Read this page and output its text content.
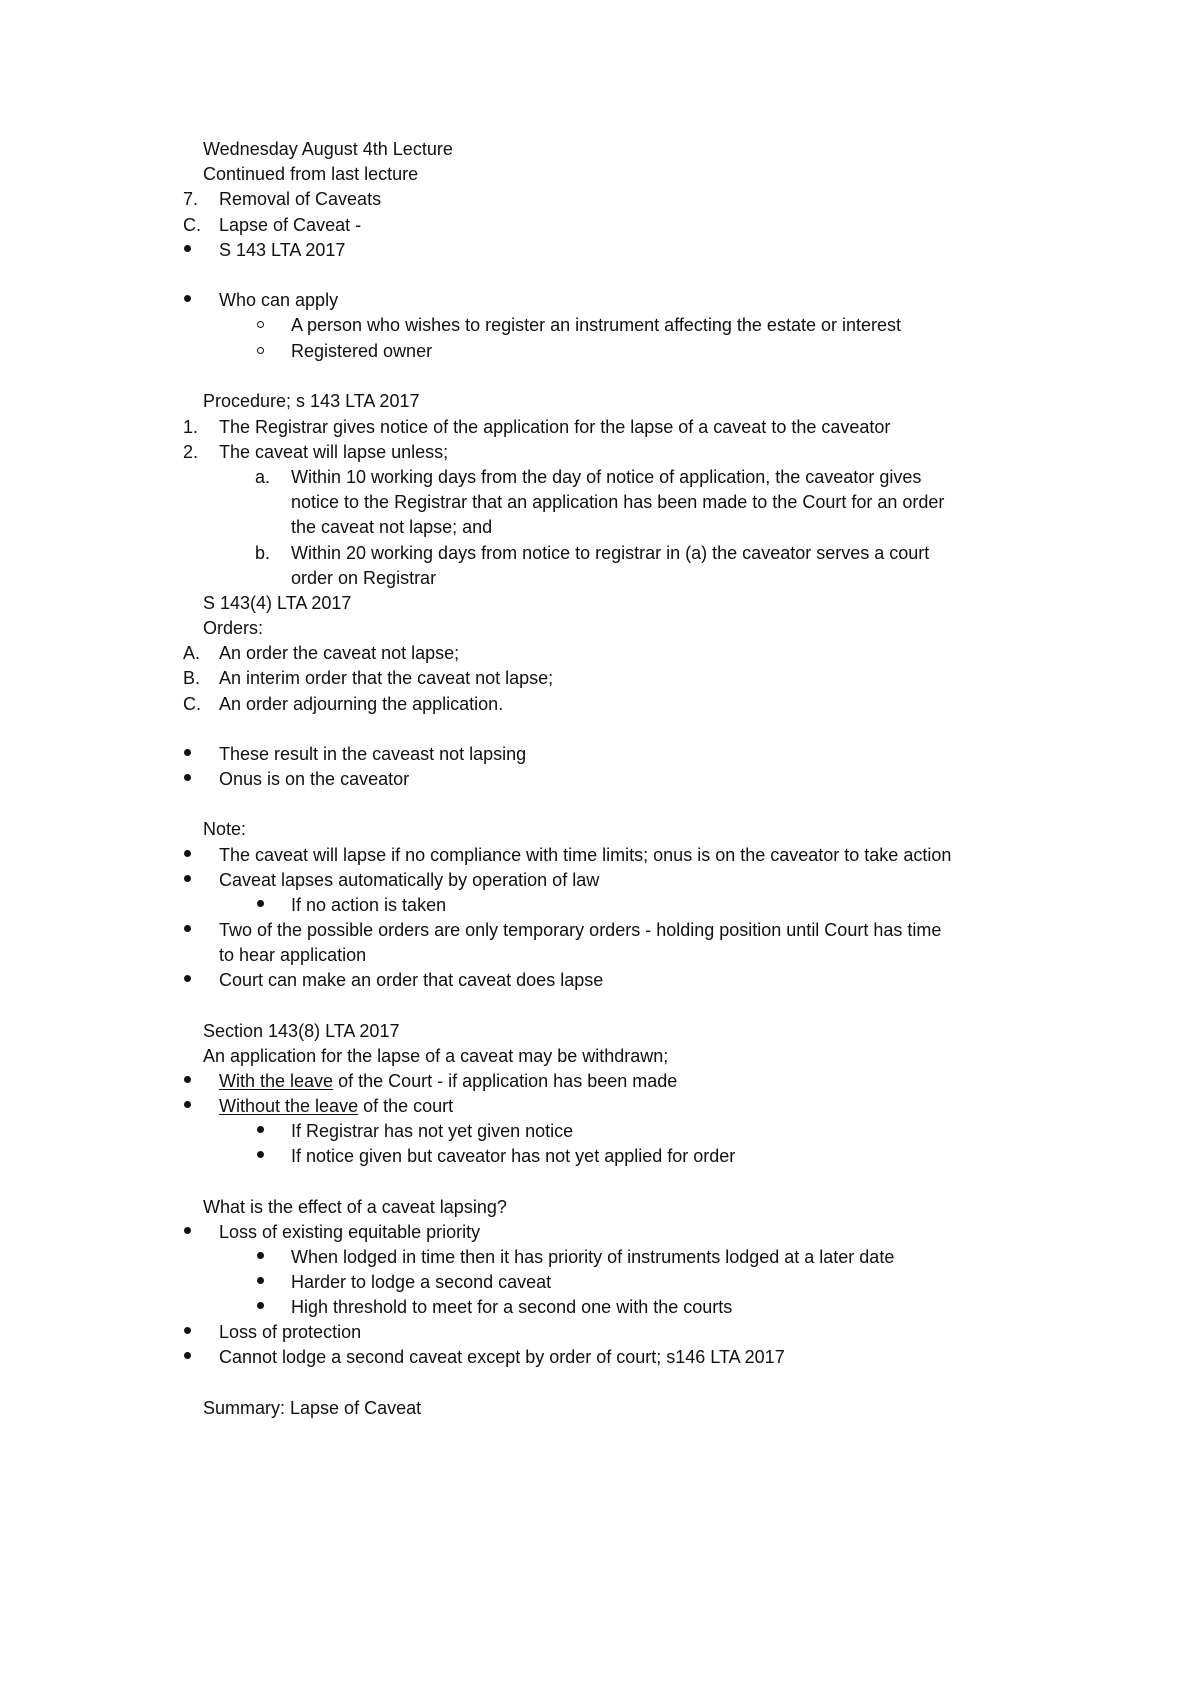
Wednesday August 4th Lecture
Continued from last lecture
7. Removal of Caveats
C. Lapse of Caveat -
S 143 LTA 2017
Who can apply
A person who wishes to register an instrument affecting the estate or interest
Registered owner
Procedure; s 143 LTA 2017
1. The Registrar gives notice of the application for the lapse of a caveat to the caveator
2. The caveat will lapse unless;
a. Within 10 working days from the day of notice of application, the caveator gives
notice to the Registrar that an application has been made to the Court for an order
the caveat not lapse; and
b. Within 20 working days from notice to registrar in (a) the caveator serves a court
order on Registrar
S 143(4) LTA 2017
Orders:
A. An order the caveat not lapse;
B. An interim order that the caveat not lapse;
C. An order adjourning the application.
These result in the caveast not lapsing
Onus is on the caveator
Note:
The caveat will lapse if no compliance with time limits; onus is on the caveator to take action
Caveat lapses automatically by operation of law
If no action is taken
Two of the possible orders are only temporary orders - holding position until Court has time
to hear application
Court can make an order that caveat does lapse
Section 143(8) LTA 2017
An application for the lapse of a caveat may be withdrawn;
With the leave of the Court - if application has been made
Without the leave of the court
If Registrar has not yet given notice
If notice given but caveator has not yet applied for order
What is the effect of a caveat lapsing?
Loss of existing equitable priority
When lodged in time then it has priority of instruments lodged at a later date
Harder to lodge a second caveat
High threshold to meet for a second one with the courts
Loss of protection
Cannot lodge a second caveat except by order of court; s146 LTA 2017
Summary: Lapse of Caveat
